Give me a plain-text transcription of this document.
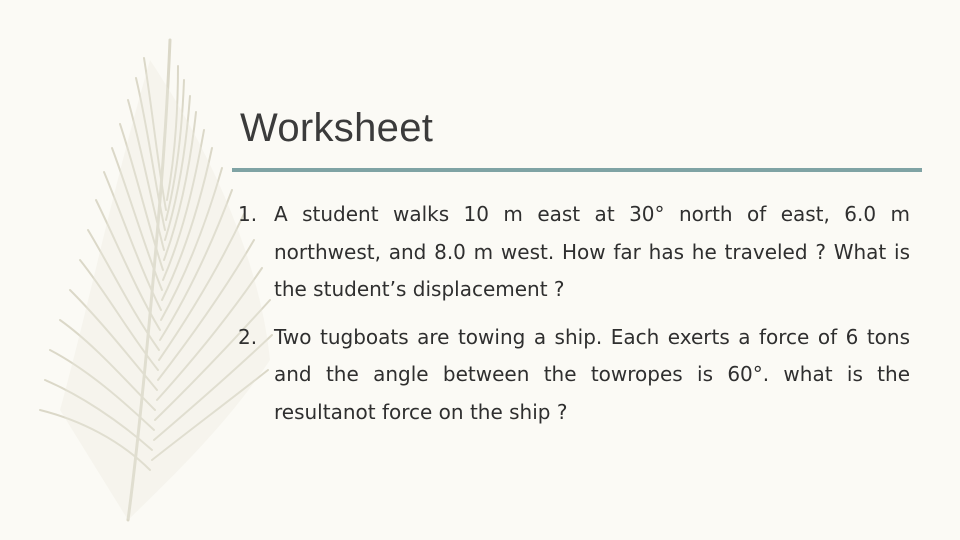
Worksheet
1. A student walks 10 m east at 30° north of east, 6.0 m northwest, and 8.0 m west. How far has he traveled ? What is the student’s displacement ?
2. Two tugboats are towing a ship. Each exerts a force of 6 tons and the angle between the towropes is 60°. what is the resultanot force on the ship ?
